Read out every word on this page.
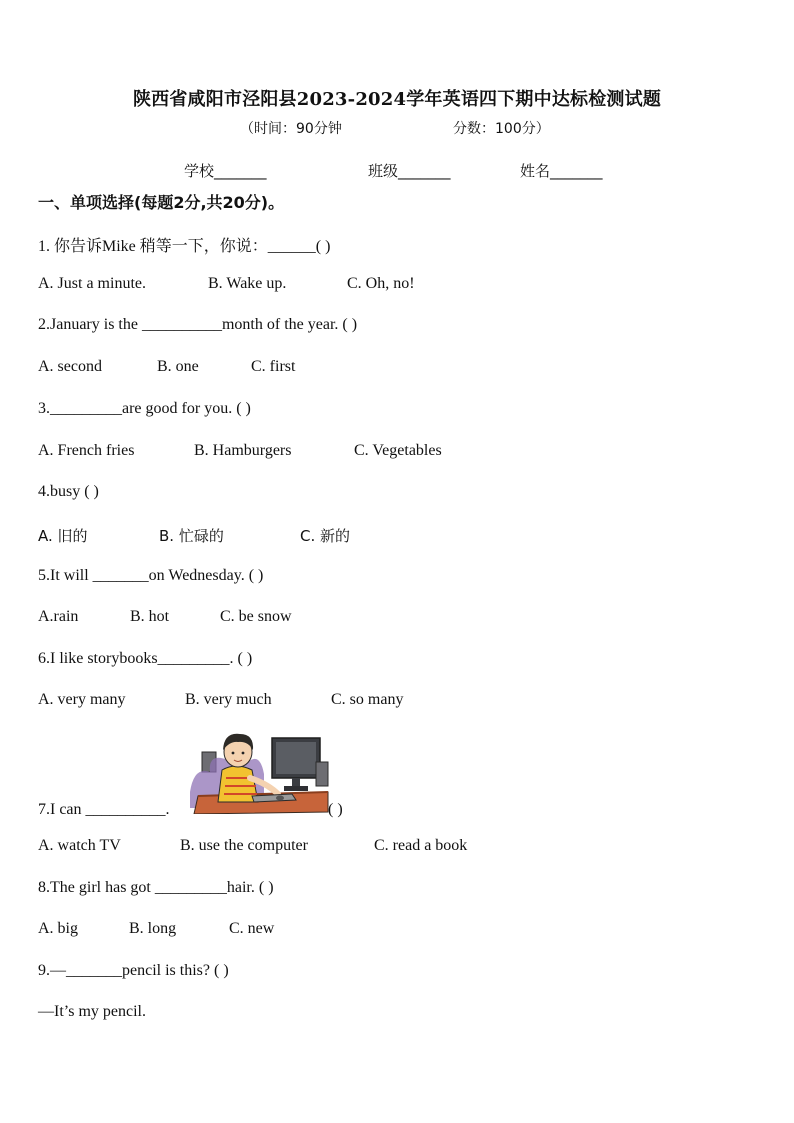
陕西省咸阳市泾阳县2023-2024学年英语四下期中达标检测试题
（时间：90分钟	分数：100分）
学校_______	班级_______	姓名_______
一、单项选择(每题2分,共20分)。
1. 你告诉Mike 稍等一下，你说：______( )
A. Just a minute.	B. Wake up.	C. Oh, no!
2.January is the __________month of the year. ( )
A. second	B. one	C. first
3._________are good for you. ( )
A. French fries	B. Hamburgers	C. Vegetables
4.busy ( )
A. 旧的	B. 忙碌的	C. 新的
5.It will _______on Wednesday. ( )
A.rain	B. hot	C. be snow
6.I like storybooks_________. ( )
A. very many	B. very much	C. so many
7.I can __________.	( )
A. watch TV	B. use the computer	C. read a book
8.The girl has got _________hair. ( )
A. big	B. long	C. new
9.—_______pencil is this? ( )
—It’s my pencil.
